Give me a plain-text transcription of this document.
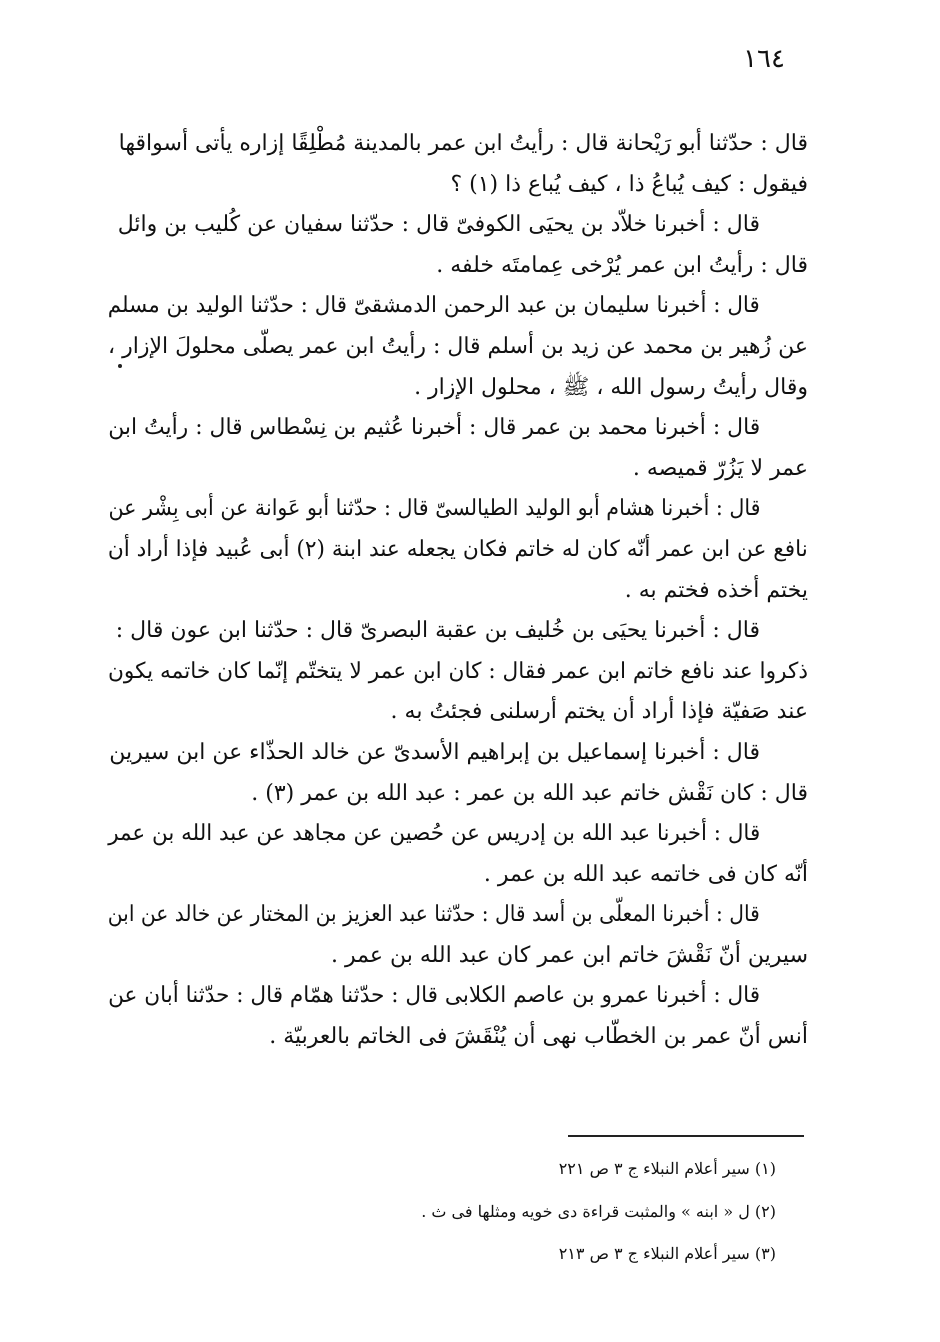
١٦٤
قال : حدّثنا أبو رَيْحانة قال : رأيتُ ابن عمر بالمدينة مُطْلِقًا إزاره يأتى أسواقها
فيقول : كيف يُباعُ ذا ، كيف يُباع ذا (١) ؟
قال : أخبرنا خلاّد بن يحيَى الكوفىّ قال : حدّثنا سفيان عن كُليب بن وائل
قال : رأيتُ ابن عمر يُرْخى عِمامتَه خلفه .
قال : أخبرنا سليمان بن عبد الرحمن الدمشقىّ قال : حدّثنا الوليد بن مسلم
عن زُهير بن محمد عن زيد بن أسلم قال : رأيتُ ابن عمر يصلّى محلولَ الإزار ،
وقال رأيتُ رسول الله ، ﷺ ، محلول الإزار .
قال : أخبرنا محمد بن عمر قال : أخبرنا عُثيم بن نِسْطاس قال : رأيتُ ابن
عمر لا يَزُرّ قميصه .
قال : أخبرنا هشام أبو الوليد الطيالسىّ قال : حدّثنا أبو عَوانة عن أبى بِشْر عن
نافع عن ابن عمر أنّه كان له خاتم فكان يجعله عند ابنة (٢) أبى عُبيد فإذا أراد أن
يختم أخذه فختم به .
قال : أخبرنا يحيَى بن خُليف بن عقبة البصرىّ قال : حدّثنا ابن عون قال :
ذكروا عند نافع خاتم ابن عمر فقال : كان ابن عمر لا يتختّم إنّما كان خاتمه يكون
عند صَفيّة فإذا أراد أن يختم أرسلنى فجئتُ به .
قال : أخبرنا إسماعيل بن إبراهيم الأسدىّ عن خالد الحذّاء عن ابن سيرين
قال : كان نَقْش خاتم عبد الله بن عمر : عبد الله بن عمر (٣) .
قال : أخبرنا عبد الله بن إدريس عن حُصين عن مجاهد عن عبد الله بن عمر
أنّه كان فى خاتمه عبد الله بن عمر .
قال : أخبرنا المعلّى بن أسد قال : حدّثنا عبد العزيز بن المختار عن خالد عن ابن
سيرين أنّ نَقْشَ خاتم ابن عمر كان عبد الله بن عمر .
قال : أخبرنا عمرو بن عاصم الكلابى قال : حدّثنا همّام قال : حدّثنا أبان عن
أنس أنّ عمر بن الخطّاب نهى أن يُنْقَشَ فى الخاتم بالعربيّة .
(١) سير أعلام النبلاء ج ٣ ص ٢٢١
(٢) ل « ابنه » والمثبت قراءة دى خويه ومثلها فى ث .
(٣) سير أعلام النبلاء ج ٣ ص ٢١٣
